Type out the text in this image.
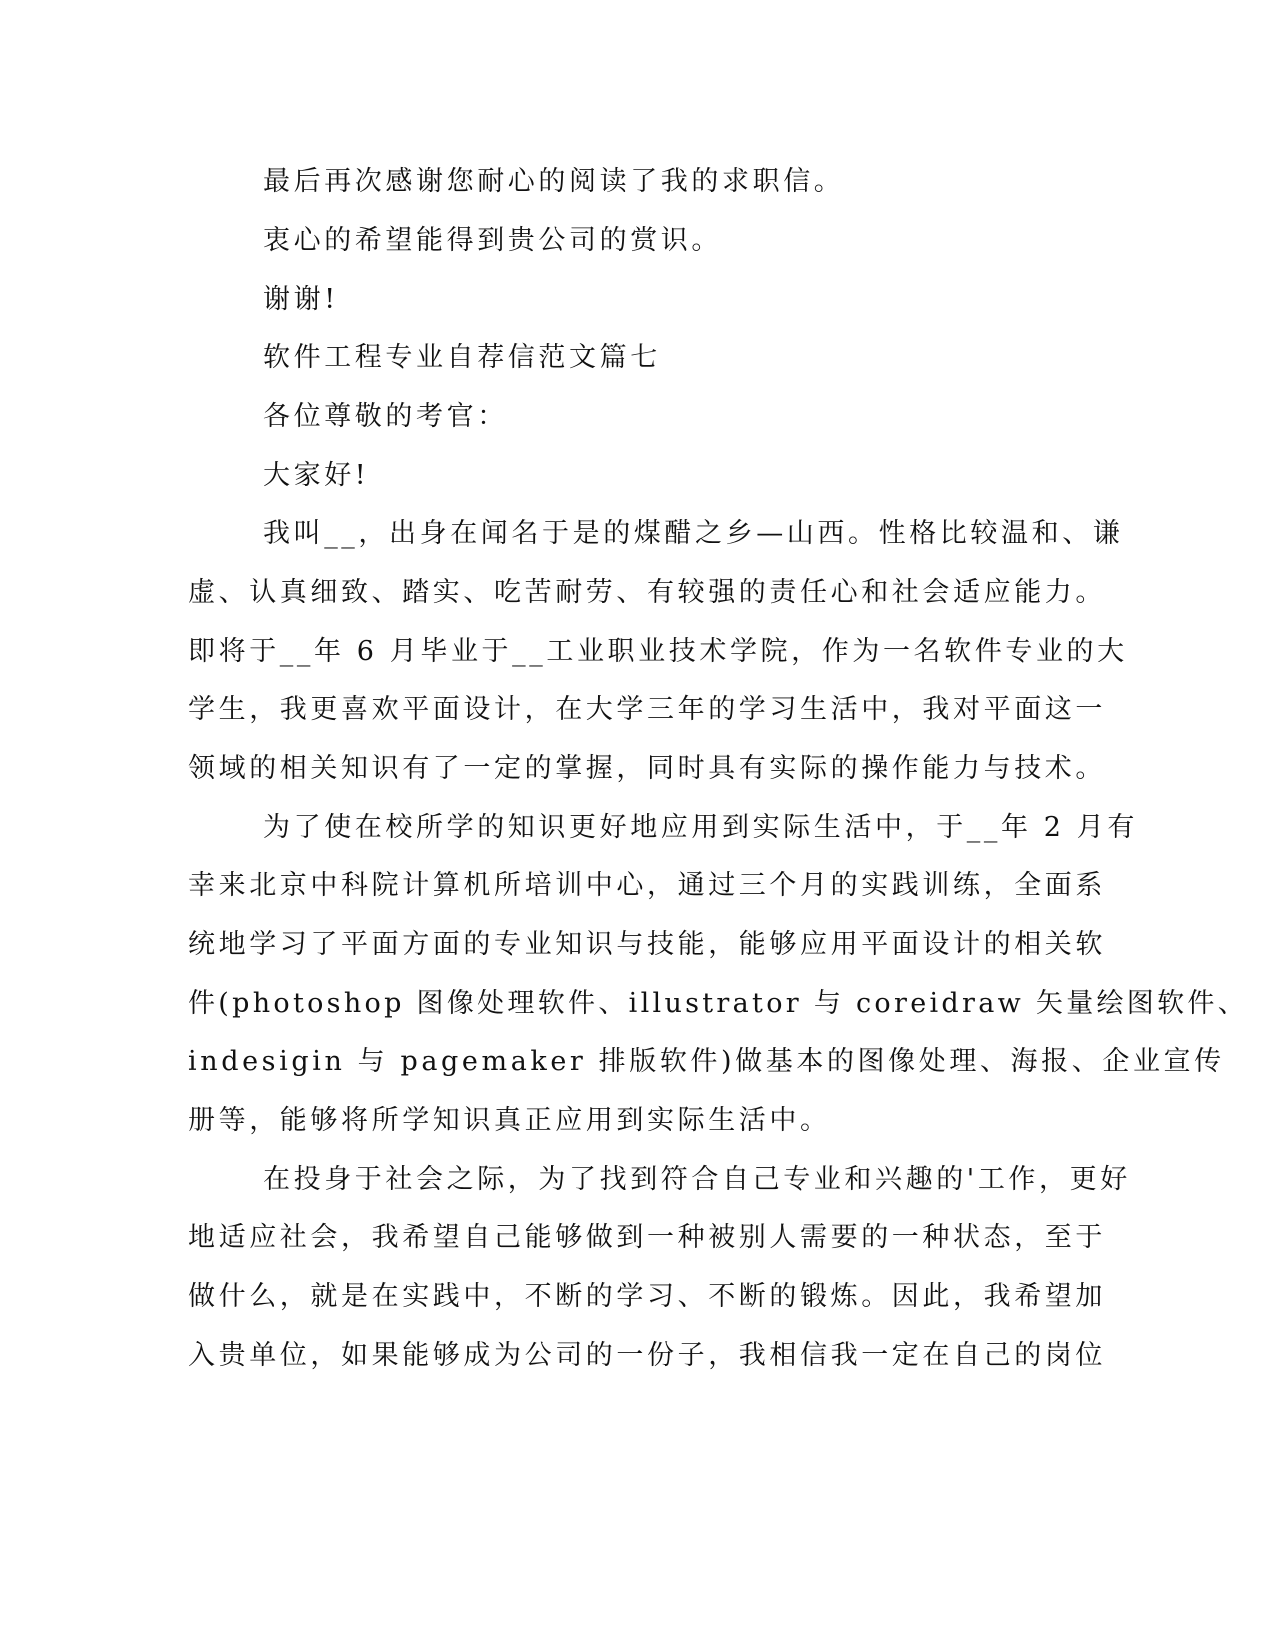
最后再次感谢您耐心的阅读了我的求职信。

衷心的希望能得到贵公司的赏识。

谢谢!

软件工程专业自荐信范文篇七

各位尊敬的考官：

大家好!

我叫__，出身在闻名于是的煤醋之乡—山西。性格比较温和、谦

虚、认真细致、踏实、吃苦耐劳、有较强的责任心和社会适应能力。

即将于__年 6 月毕业于__工业职业技术学院，作为一名软件专业的大

学生，我更喜欢平面设计，在大学三年的学习生活中，我对平面这一

领域的相关知识有了一定的掌握，同时具有实际的操作能力与技术。

为了使在校所学的知识更好地应用到实际生活中，于__年 2 月有

幸来北京中科院计算机所培训中心，通过三个月的实践训练，全面系

统地学习了平面方面的专业知识与技能，能够应用平面设计的相关软

件(photoshop 图像处理软件、illustrator 与 coreidraw 矢量绘图软件、

indesigin 与 pagemaker 排版软件)做基本的图像处理、海报、企业宣传

册等，能够将所学知识真正应用到实际生活中。

在投身于社会之际，为了找到符合自己专业和兴趣的'工作，更好

地适应社会，我希望自己能够做到一种被别人需要的一种状态，至于

做什么，就是在实践中，不断的学习、不断的锻炼。因此，我希望加

入贵单位，如果能够成为公司的一份子，我相信我一定在自己的岗位
